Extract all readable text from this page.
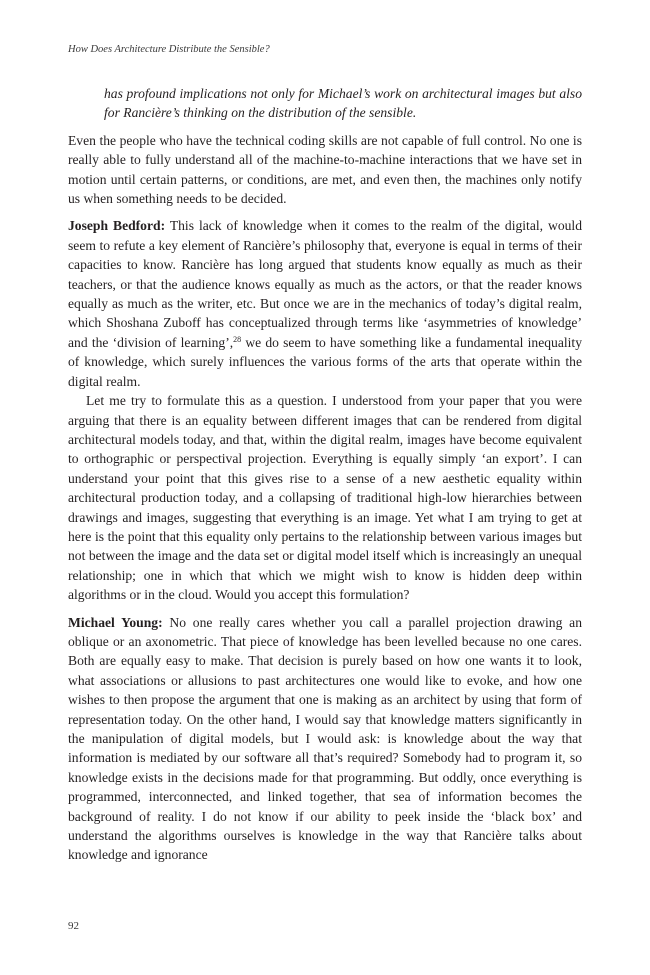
How Does Architecture Distribute the Sensible?

has profound implications not only for Michael’s work on architectural images but also for Rancière’s thinking on the distribution of the sensible.

Even the people who have the technical coding skills are not capable of full control. No one is really able to fully understand all of the machine-to-machine interactions that we have set in motion until certain patterns, or conditions, are met, and even then, the machines only notify us when something needs to be decided.

Joseph Bedford: This lack of knowledge when it comes to the realm of the digital, would seem to refute a key element of Rancière’s philosophy that, everyone is equal in terms of their capacities to know. Rancière has long argued that students know equally as much as their teachers, or that the audience knows equally as much as the actors, or that the reader knows equally as much as the writer, etc. But once we are in the mechanics of today’s digital realm, which Shoshana Zuboff has conceptualized through terms like ‘asymmetries of knowledge’ and the ‘division of learning’,$^{28}$ we do seem to have something like a fundamental inequality of knowledge, which surely influences the various forms of the arts that operate within the digital realm.

Let me try to formulate this as a question. I understood from your paper that you were arguing that there is an equality between different images that can be rendered from digital architectural models today, and that, within the digital realm, images have become equivalent to orthographic or perspectival projection. Everything is equally simply ‘an export’. I can understand your point that this gives rise to a sense of a new aesthetic equality within architectural production today, and a collapsing of traditional high-low hierarchies between drawings and images, suggesting that everything is an image. Yet what I am trying to get at here is the point that this equality only pertains to the relationship between various images but not between the image and the data set or digital model itself which is increasingly an unequal relationship; one in which that which we might wish to know is hidden deep within algorithms or in the cloud. Would you accept this formulation?

Michael Young: No one really cares whether you call a parallel projection drawing an oblique or an axonometric. That piece of knowledge has been levelled because no one cares. Both are equally easy to make. That decision is purely based on how one wants it to look, what associations or allusions to past architectures one would like to evoke, and how one wishes to then propose the argument that one is making as an architect by using that form of representation today. On the other hand, I would say that knowledge matters significantly in the manipulation of digital models, but I would ask: is knowledge about the way that information is mediated by our software all that’s required? Somebody had to program it, so knowledge exists in the decisions made for that programming. But oddly, once everything is programmed, interconnected, and linked together, that sea of information becomes the background of reality. I do not know if our ability to peek inside the ‘black box’ and understand the algorithms ourselves is knowledge in the way that Rancière talks about knowledge and ignorance

92
